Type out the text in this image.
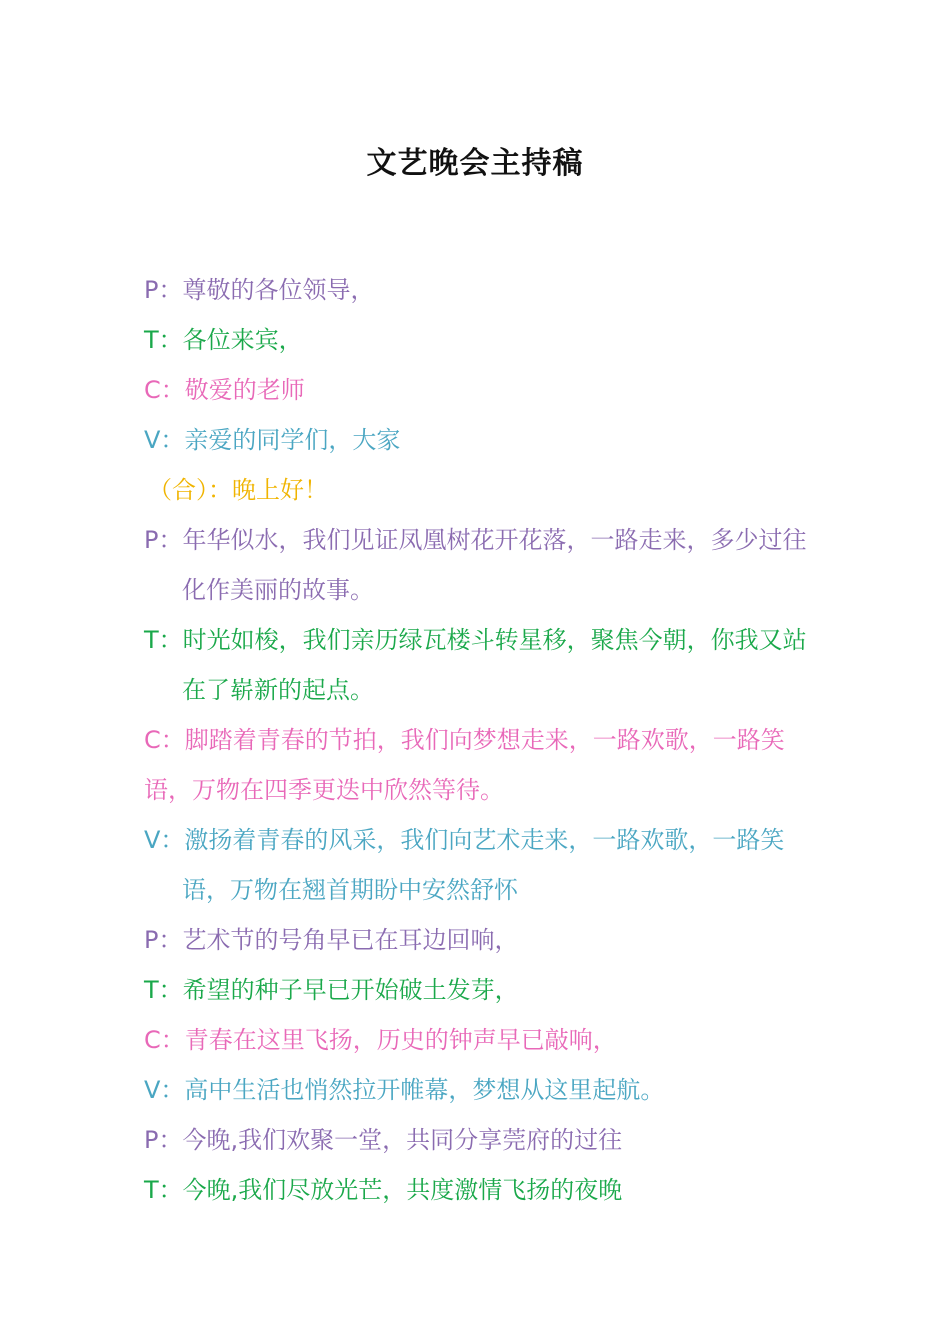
文艺晚会主持稿

P：尊敬的各位领导，

T：各位来宾，

C：敬爱的老师

V：亲爱的同学们，大家

（合）：晚上好！

P：年华似水，我们见证凤凰树花开花落，一路走来，多少过往化作美丽的故事。

T：时光如梭，我们亲历绿瓦楼斗转星移，聚焦今朝，你我又站在了崭新的起点。

C：脚踏着青春的节拍，我们向梦想走来，一路欢歌，一路笑语，万物在四季更迭中欣然等待。

V：激扬着青春的风采，我们向艺术走来，一路欢歌，一路笑语，万物在翘首期盼中安然舒怀

P：艺术节的号角早已在耳边回响，

T：希望的种子早已开始破土发芽，

C：青春在这里飞扬，历史的钟声早已敲响，

V：高中生活也悄然拉开帷幕，梦想从这里起航。

P：今晚,我们欢聚一堂，共同分享莞府的过往

T：今晚,我们尽放光芒，共度激情飞扬的夜晚
